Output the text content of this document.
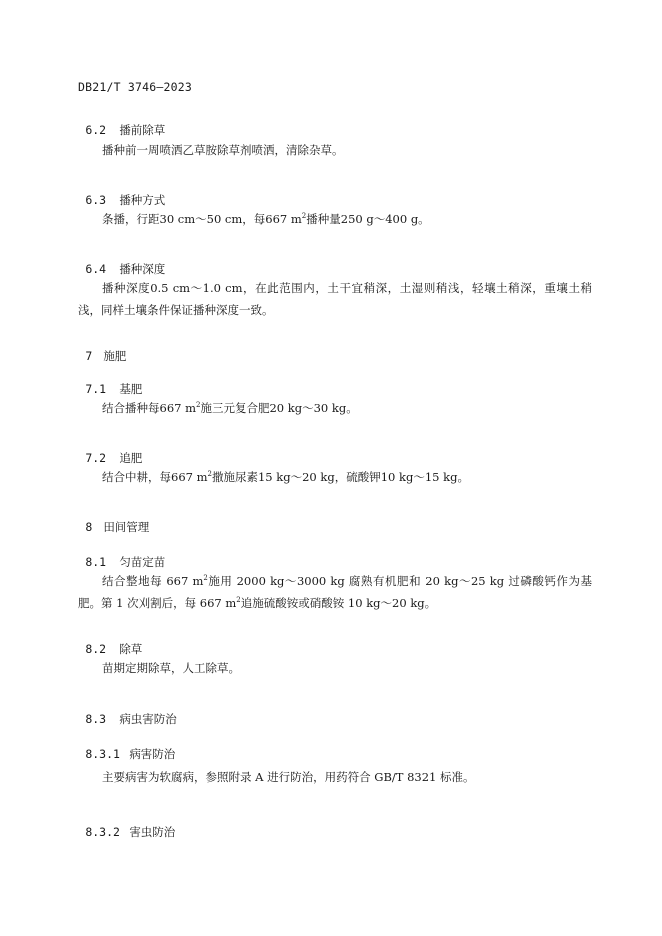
DB21/T 3746—2023

6.2 播前除草

播种前一周喷洒乙草胺除草剂喷洒，清除杂草。

6.3 播种方式

条播，行距30 cm～50 cm，每667 $m^2$播种量250 g～400 g。

6.4 播种深度

播种深度0.5 cm～1.0 cm，在此范围内，土干宜稍深，土湿则稍浅，轻壤土稍深，重壤土稍浅，同样土壤条件保证播种深度一致。

7 施肥

7.1 基肥

结合播种每667 $m^2$施三元复合肥20 kg～30 kg。

7.2 追肥

结合中耕，每667 $m^2$撒施尿素15 kg～20 kg，硫酸钾10 kg～15 kg。

8 田间管理

8.1 匀苗定苗

结合整地每 667 $m^2$施用 2000 kg～3000 kg 腐熟有机肥和 20 kg～25 kg 过磷酸钙作为基肥。第 1 次刈割后，每 667 $m^2$追施硫酸铵或硝酸铵 10 kg～20 kg。

8.2 除草

苗期定期除草，人工除草。

8.3 病虫害防治

8.3.1 病害防治

主要病害为软腐病，参照附录 A 进行防治，用药符合 GB/T 8321 标准。

8.3.2 害虫防治
